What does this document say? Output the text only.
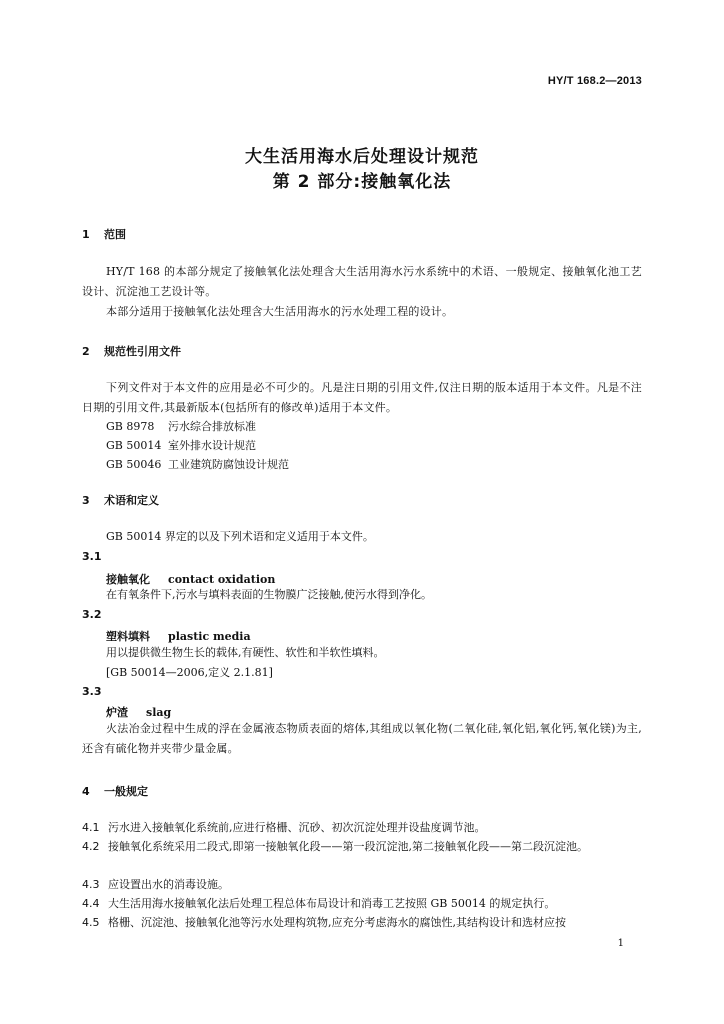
HY/T 168.2—2013
大生活用海水后处理设计规范
第 2 部分:接触氧化法
1 范围
HY/T 168 的本部分规定了接触氧化法处理含大生活用海水污水系统中的术语、一般规定、接触氧化池工艺设计、沉淀池工艺设计等。
本部分适用于接触氧化法处理含大生活用海水的污水处理工程的设计。
2 规范性引用文件
下列文件对于本文件的应用是必不可少的。凡是注日期的引用文件,仅注日期的版本适用于本文件。凡是不注日期的引用文件,其最新版本(包括所有的修改单)适用于本文件。
GB 8978 污水综合排放标准
GB 50014 室外排水设计规范
GB 50046 工业建筑防腐蚀设计规范
3 术语和定义
GB 50014 界定的以及下列术语和定义适用于本文件。
3.1
接触氧化 contact oxidation
在有氧条件下,污水与填料表面的生物膜广泛接触,使污水得到净化。
3.2
塑料填料 plastic media
用以提供微生物生长的载体,有硬性、软性和半软性填料。
[GB 50014—2006,定义 2.1.81]
3.3
炉渣 slag
火法冶金过程中生成的浮在金属液态物质表面的熔体,其组成以氧化物(二氧化硅,氧化铝,氧化钙,氧化镁)为主,还含有硫化物并夹带少量金属。
4 一般规定
4.1 污水进入接触氧化系统前,应进行格栅、沉砂、初次沉淀处理并设盐度调节池。
4.2 接触氧化系统采用二段式,即第一接触氧化段——第一段沉淀池,第二接触氧化段——第二段沉淀池。
4.3 应设置出水的消毒设施。
4.4 大生活用海水接触氧化法后处理工程总体布局设计和消毒工艺按照 GB 50014 的规定执行。
4.5 格栅、沉淀池、接触氧化池等污水处理构筑物,应充分考虑海水的腐蚀性,其结构设计和选材应按
1
